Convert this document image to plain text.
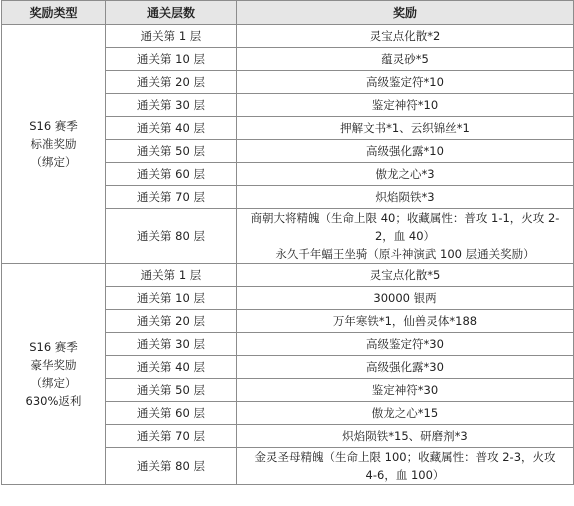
奖励类型	通关层数	奖励

S16 赛季
标准奖励
（绑定）	通关第 1 层	灵宝点化散*2
	通关第 10 层	蕴灵砂*5
	通关第 20 层	高级鉴定符*10
	通关第 30 层	鉴定神符*10
	通关第 40 层	押解文书*1、云织锦丝*1
	通关第 50 层	高级强化露*10
	通关第 60 层	傲龙之心*3
	通关第 70 层	炽焰陨铁*3
	通关第 80 层	商朝大将精魄（生命上限 40；收藏属性：普攻 1-1，火攻 2-
2，血 40）
永久千年蝠王坐骑（原斗神演武 100 层通关奖励）

S16 赛季
豪华奖励
（绑定）
630%返利	通关第 1 层	灵宝点化散*5
	通关第 10 层	30000 银两
	通关第 20 层	万年寒铁*1，仙兽灵体*188
	通关第 30 层	高级鉴定符*30
	通关第 40 层	高级强化露*30
	通关第 50 层	鉴定神符*30
	通关第 60 层	傲龙之心*15
	通关第 70 层	炽焰陨铁*15、研磨剂*3
	通关第 80 层	金灵圣母精魄（生命上限 100；收藏属性：普攻 2-3，火攻
4-6，血 100）
